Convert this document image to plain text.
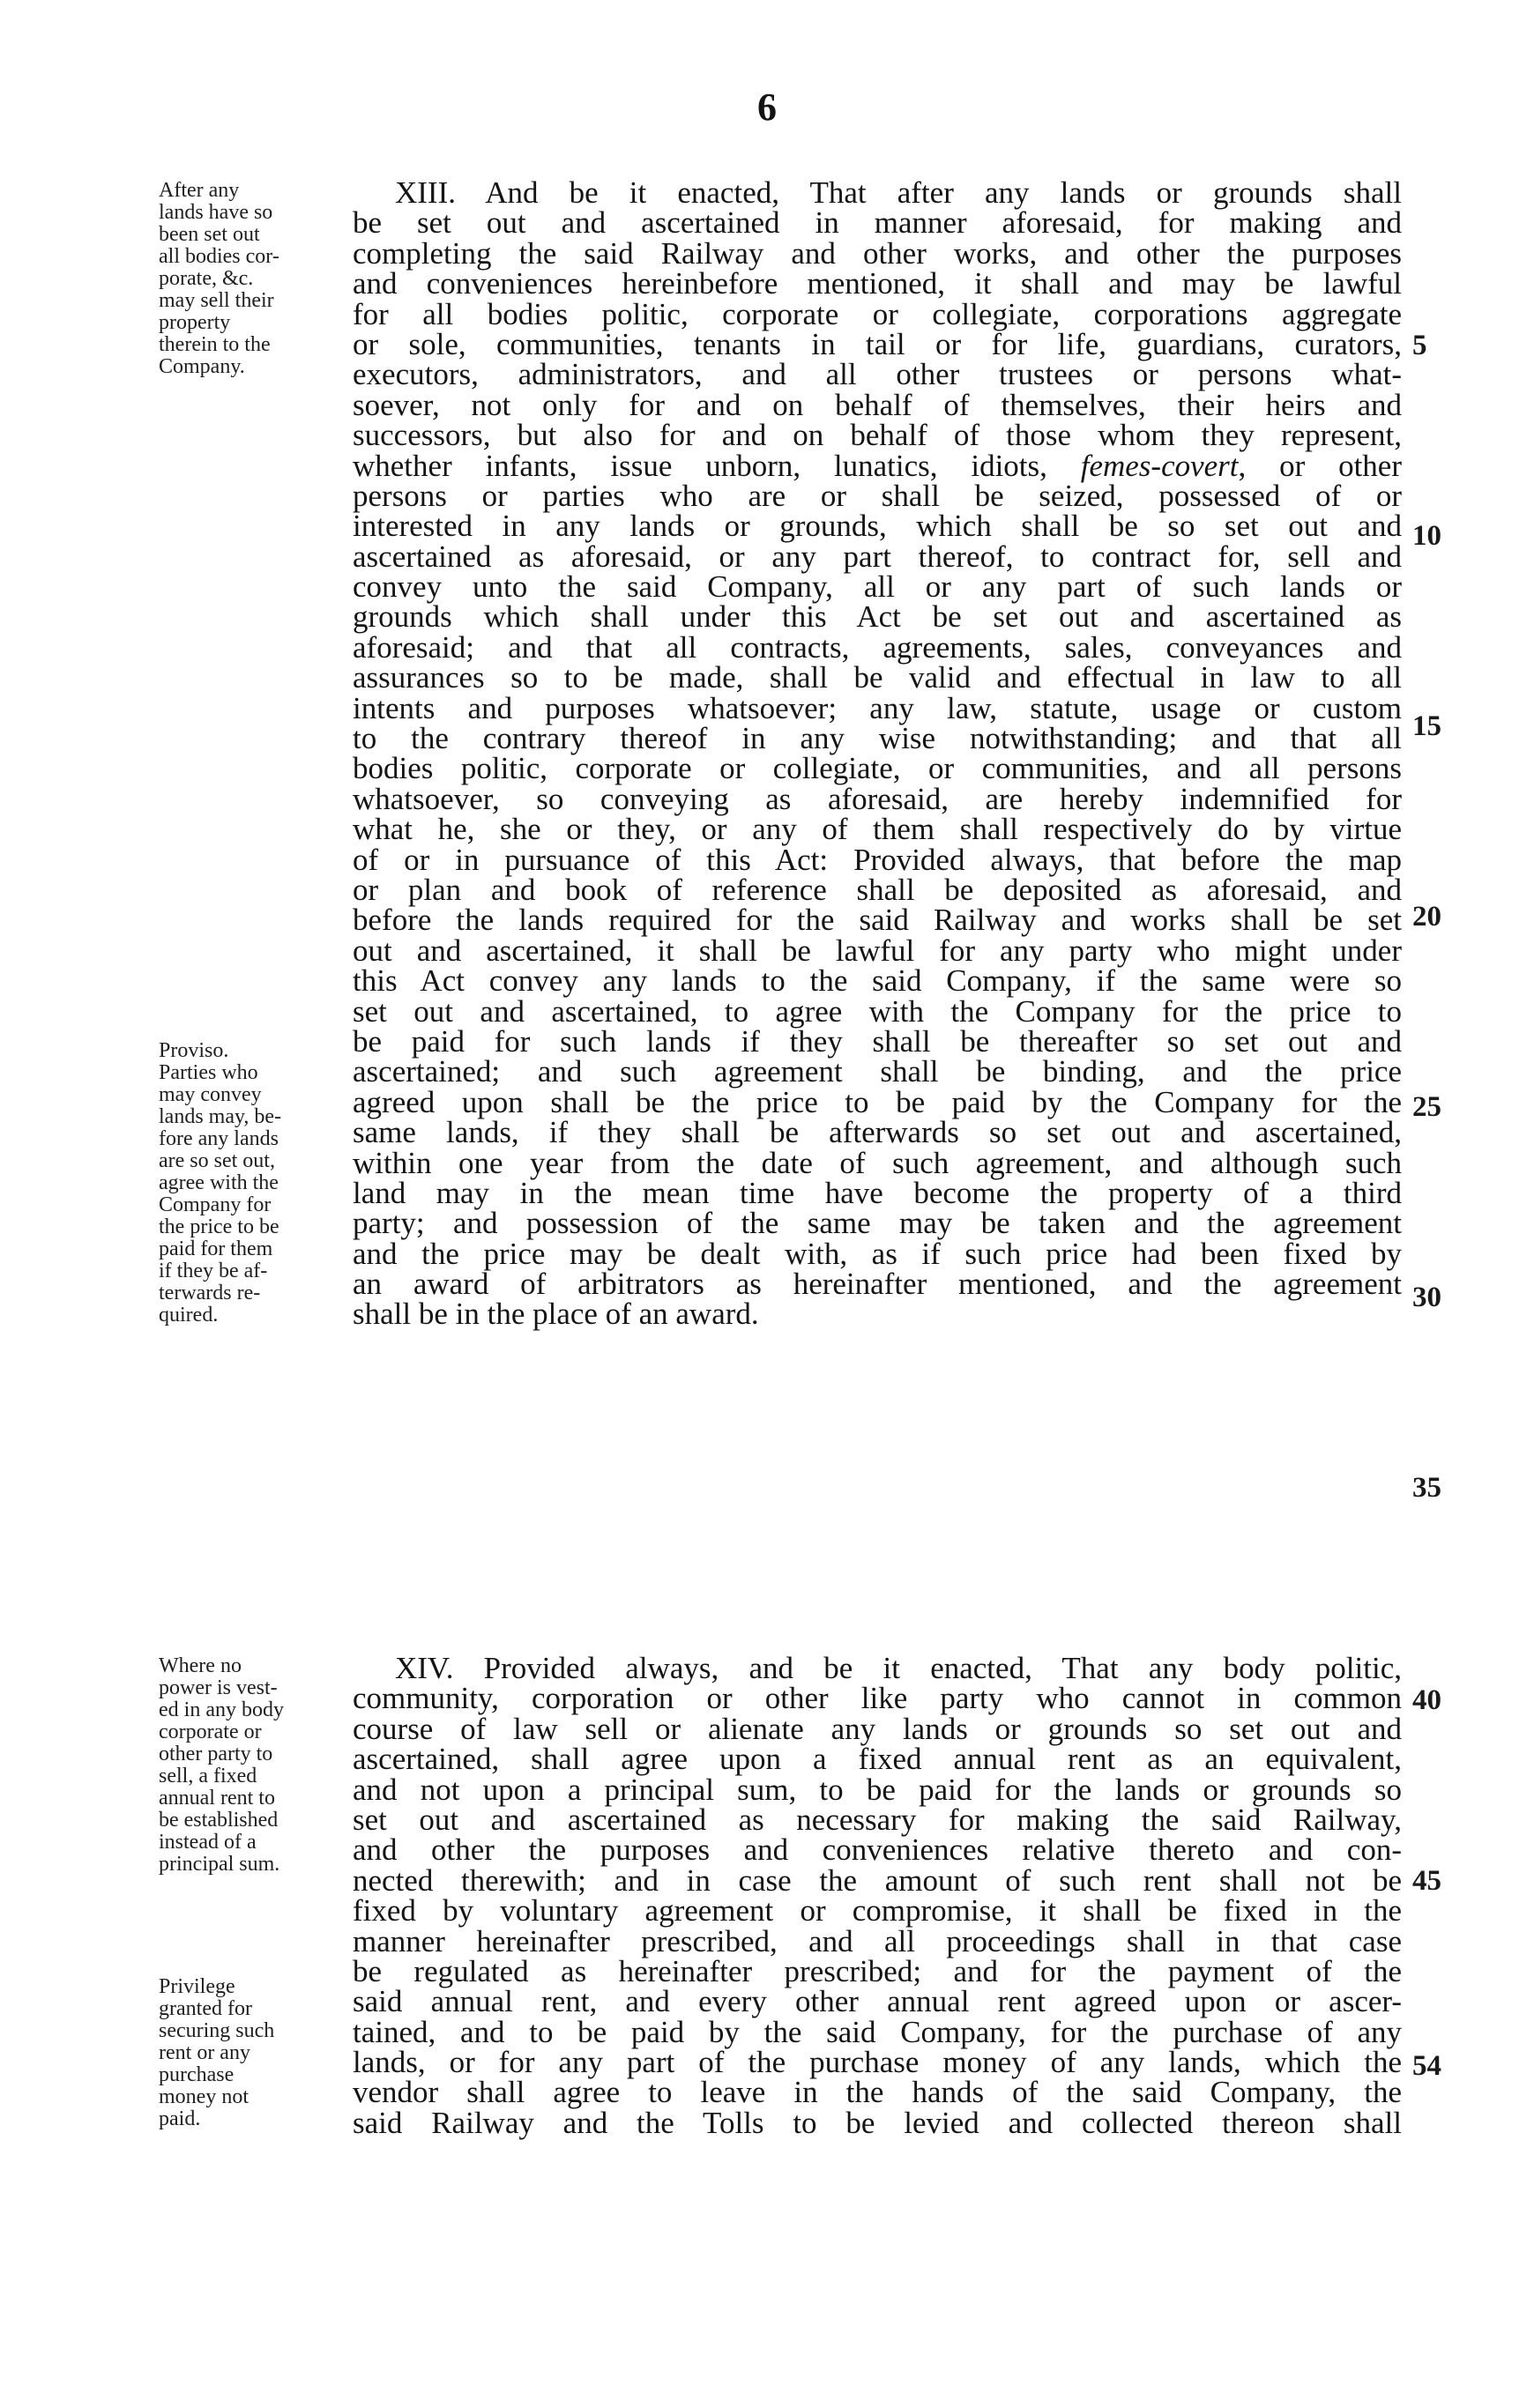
6
After any
lands have so
been set out
all bodies cor-
porate, &c.
may sell their
property
therein to the
Company.
Proviso.
Parties who
may convey
lands may, be-
fore any lands
are so set out,
agree with the
Company for
the price to be
paid for them
if they be af-
terwards re-
quired.
Where no
power is vest-
ed in any body
corporate or
other party to
sell, a fixed
annual rent to
be established
instead of a
principal sum.
Privilege
granted for
securing such
rent or any
purchase
money not
paid.
XIII. And be it enacted, That after any lands or grounds shall
be set out and ascertained in manner aforesaid, for making and
completing the said Railway and other works, and other the purposes
and conveniences hereinbefore mentioned, it shall and may be lawful
for all bodies politic, corporate or collegiate, corporations aggregate
or sole, communities, tenants in tail or for life, guardians, curators,
executors, administrators, and all other trustees or persons what-
soever, not only for and on behalf of themselves, their heirs and
successors, but also for and on behalf of those whom they represent,
whether infants, issue unborn, lunatics, idiots, femes-covert, or other
persons or parties who are or shall be seized, possessed of or
interested in any lands or grounds, which shall be so set out and
ascertained as aforesaid, or any part thereof, to contract for, sell and
convey unto the said Company, all or any part of such lands or
grounds which shall under this Act be set out and ascertained as
aforesaid; and that all contracts, agreements, sales, conveyances and
assurances so to be made, shall be valid and effectual in law to all
intents and purposes whatsoever; any law, statute, usage or custom
to the contrary thereof in any wise notwithstanding; and that all
bodies politic, corporate or collegiate, or communities, and all persons
whatsoever, so conveying as aforesaid, are hereby indemnified for
what he, she or they, or any of them shall respectively do by virtue
of or in pursuance of this Act: Provided always, that before the map
or plan and book of reference shall be deposited as aforesaid, and
before the lands required for the said Railway and works shall be set
out and ascertained, it shall be lawful for any party who might under
this Act convey any lands to the said Company, if the same were so
set out and ascertained, to agree with the Company for the price to
be paid for such lands if they shall be thereafter so set out and
ascertained; and such agreement shall be binding, and the price
agreed upon shall be the price to be paid by the Company for the
same lands, if they shall be afterwards so set out and ascertained,
within one year from the date of such agreement, and although such
land may in the mean time have become the property of a third
party; and possession of the same may be taken and the agreement
and the price may be dealt with, as if such price had been fixed by
an award of arbitrators as hereinafter mentioned, and the agreement
shall be in the place of an award.
XIV. Provided always, and be it enacted, That any body politic,
community, corporation or other like party who cannot in common
course of law sell or alienate any lands or grounds so set out and
ascertained, shall agree upon a fixed annual rent as an equivalent,
and not upon a principal sum, to be paid for the lands or grounds so
set out and ascertained as necessary for making the said Railway,
and other the purposes and conveniences relative thereto and con-
nected therewith; and in case the amount of such rent shall not be
fixed by voluntary agreement or compromise, it shall be fixed in the
manner hereinafter prescribed, and all proceedings shall in that case
be regulated as hereinafter prescribed; and for the payment of the
said annual rent, and every other annual rent agreed upon or ascer-
tained, and to be paid by the said Company, for the purchase of any
lands, or for any part of the purchase money of any lands, which the
vendor shall agree to leave in the hands of the said Company, the
said Railway and the Tolls to be levied and collected thereon shall
5
10
15
20
25
30
35
40
45
54
